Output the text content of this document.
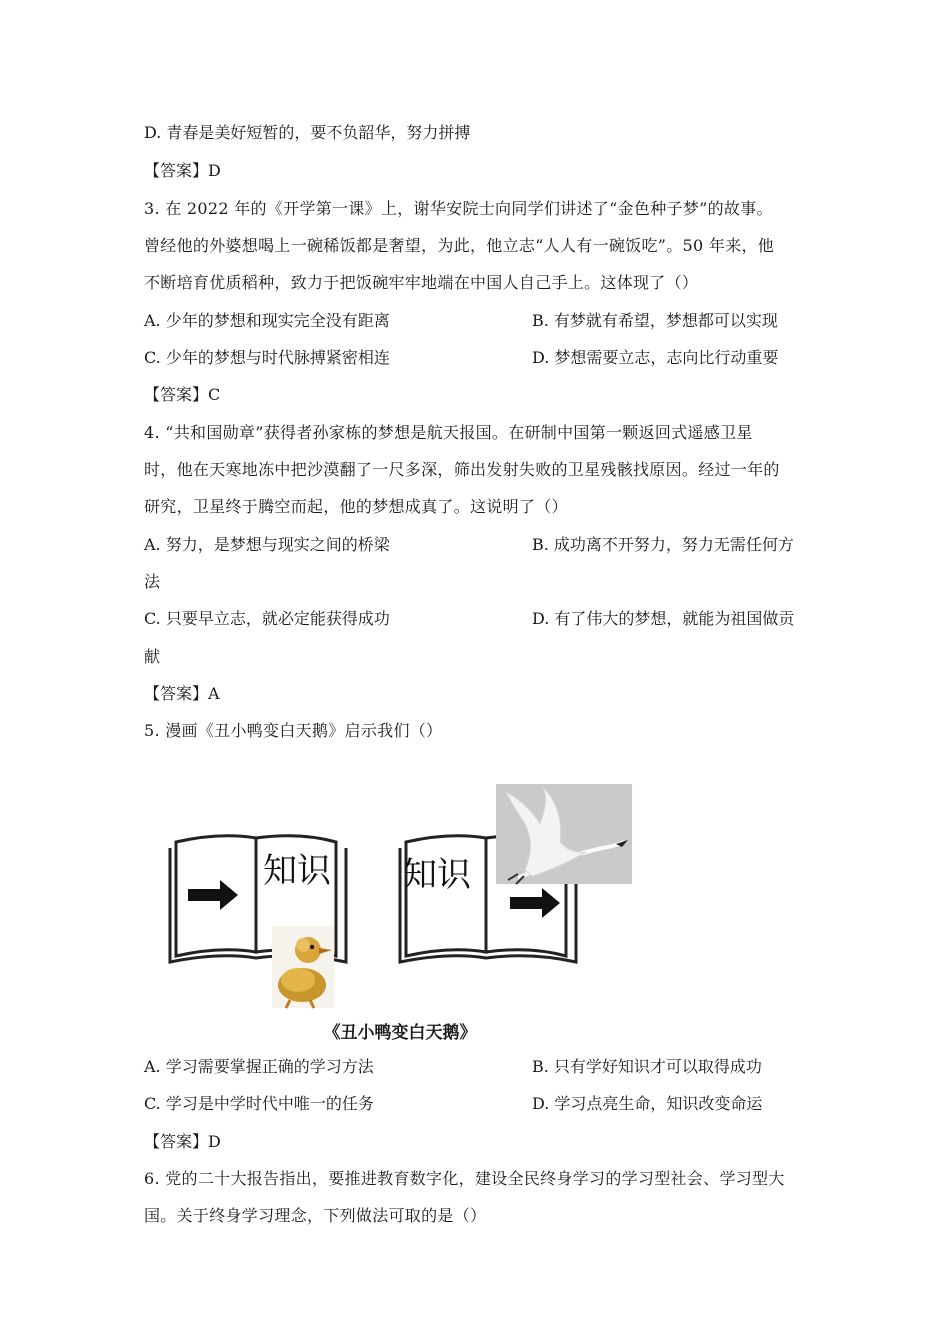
D. 青春是美好短暂的，要不负韶华，努力拼搏
【答案】D
3. 在 2022 年的《开学第一课》上，谢华安院士向同学们讲述了“金色种子梦”的故事。
曾经他的外婆想喝上一碗稀饭都是奢望，为此，他立志“人人有一碗饭吃”。50 年来，他
不断培育优质稻种，致力于把饭碗牢牢地端在中国人自己手上。这体现了（）
A. 少年的梦想和现实完全没有距离	B. 有梦就有希望，梦想都可以实现
C. 少年的梦想与时代脉搏紧密相连	D. 梦想需要立志，志向比行动重要
【答案】C
4. “共和国勋章”获得者孙家栋的梦想是航天报国。在研制中国第一颗返回式遥感卫星
时，他在天寒地冻中把沙漠翻了一尺多深，筛出发射失败的卫星残骸找原因。经过一年的
研究，卫星终于腾空而起，他的梦想成真了。这说明了（）
A. 努力，是梦想与现实之间的桥梁	B. 成功离不开努力，努力无需任何方
法
C. 只要早立志，就必定能获得成功	D. 有了伟大的梦想，就能为祖国做贡
献
【答案】A
5. 漫画《丑小鸭变白天鹅》启示我们（）
知识 知识
《丑小鸭变白天鹅》
A. 学习需要掌握正确的学习方法	B. 只有学好知识才可以取得成功
C. 学习是中学时代中唯一的任务	D. 学习点亮生命，知识改变命运
【答案】D
6. 党的二十大报告指出，要推进教育数字化，建设全民终身学习的学习型社会、学习型大
国。关于终身学习理念，下列做法可取的是（）
